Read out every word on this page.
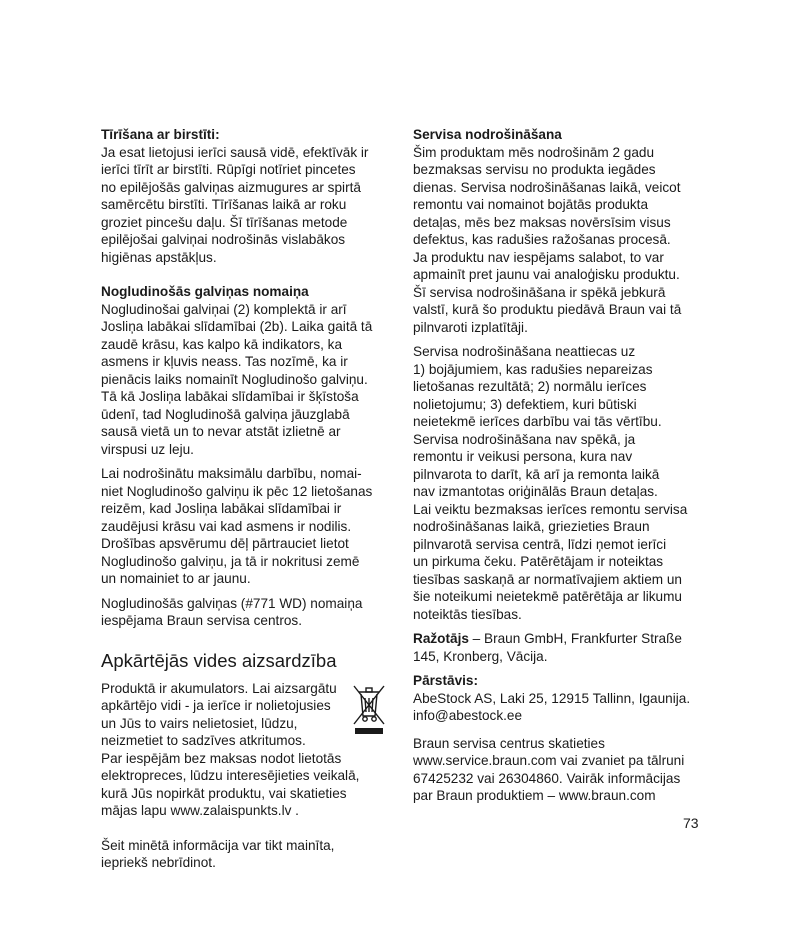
Tīrīšana ar birstīti:
Ja esat lietojusi ierīci sausā vidē, efektīvāk ir
ierīci tīrīt ar birstīti. Rūpīgi notīriet pincetes
no epilējošās galviņas aizmugures ar spirtā
samērcētu birstīti. Tīrīšanas laikā ar roku
groziet pincešu daļu. Šī tīrīšanas metode
epilējošai galviņai nodrošinās vislabākos
higiēnas apstākļus.
Nogludinošās galviņas nomaiņa
Nogludinošai galviņai (2) komplektā ir arī
Josliņa labākai slīdamībai (2b). Laika gaitā tā
zaudē krāsu, kas kalpo kā indikators, ka
asmens ir kļuvis neass. Tas nozīmē, ka ir
pienācis laiks nomainīt Nogludinošo galviņu.
Tā kā Josliņa labākai slīdamībai ir šķīstoša
ūdenī, tad Nogludinošā galviņa jāuzglabā
sausā vietā un to nevar atstāt izlietnē ar
virspusi uz leju.
Lai nodrošinātu maksimālu darbību, nomai-
niet Nogludinošo galviņu ik pēc 12 lietošanas
reizēm, kad Josliņa labākai slīdamībai ir
zaudējusi krāsu vai kad asmens ir nodilis.
Drošības apsvērumu dēļ pārtrauciet lietot
Nogludinošo galviņu, ja tā ir nokritusi zemē
un nomainiet to ar jaunu.
Nogludinošās galviņas (#771 WD) nomaiņa
iespējama Braun servisa centros.
Apkārtējās vides aizsardzība
Produktā ir akumulators. Lai aizsargātu
apkārtējo vidi - ja ierīce ir nolietojusies
un Jūs to vairs nelietosiet, lūdzu,
neizmetiet to sadzīves atkritumos.
Par iespējām bez maksas nodot lietotās
elektropreces, lūdzu interesējieties veikalā,
kurā Jūs nopirkāt produktu, vai skatieties
mājas lapu www.zalaispunkts.lv .
Šeit minētā informācija var tikt mainīta,
iepriekš nebrīdinot.
Servisa nodrošināšana
Šim produktam mēs nodrošinām 2 gadu
bezmaksas servisu no produkta iegādes
dienas. Servisa nodrošināšanas laikā, veicot
remontu vai nomainot bojātās produkta
detaļas, mēs bez maksas novērsīsim visus
defektus, kas radušies ražošanas procesā.
Ja produktu nav iespējams salabot, to var
apmainīt pret jaunu vai analoģisku produktu.
Šī servisa nodrošināšana ir spēkā jebkurā
valstī, kurā šo produktu piedāvā Braun vai tā
pilnvaroti izplatītāji.
Servisa nodrošināšana neattiecas uz
1) bojājumiem, kas radušies nepareizas
lietošanas rezultātā; 2) normālu ierīces
nolietojumu; 3) defektiem, kuri būtiski
neietekmē ierīces darbību vai tās vērtību.
Servisa nodrošināšana nav spēkā, ja
remontu ir veikusi persona, kura nav
pilnvarota to darīt, kā arī ja remonta laikā
nav izmantotas oriģinālās Braun detaļas.
Lai veiktu bezmaksas ierīces remontu servisa
nodrošināšanas laikā, griezieties Braun
pilnvarotā servisa centrā, līdzi ņemot ierīci
un pirkuma čeku. Patērētājam ir noteiktas
tiesības saskaņā ar normatīvajiem aktiem un
šie noteikumi neietekmē patērētāja ar likumu
noteiktās tiesības.
Ražotājs – Braun GmbH, Frankfurter Straße
145, Kronberg, Vācija.
Pārstāvis:
AbeStock AS, Laki 25, 12915 Tallinn, Igaunija.
info@abestock.ee
Braun servisa centrus skatieties
www.service.braun.com vai zvaniet pa tālruni
67425232 vai 26304860. Vairāk informācijas
par Braun produktiem – www.braun.com
73
